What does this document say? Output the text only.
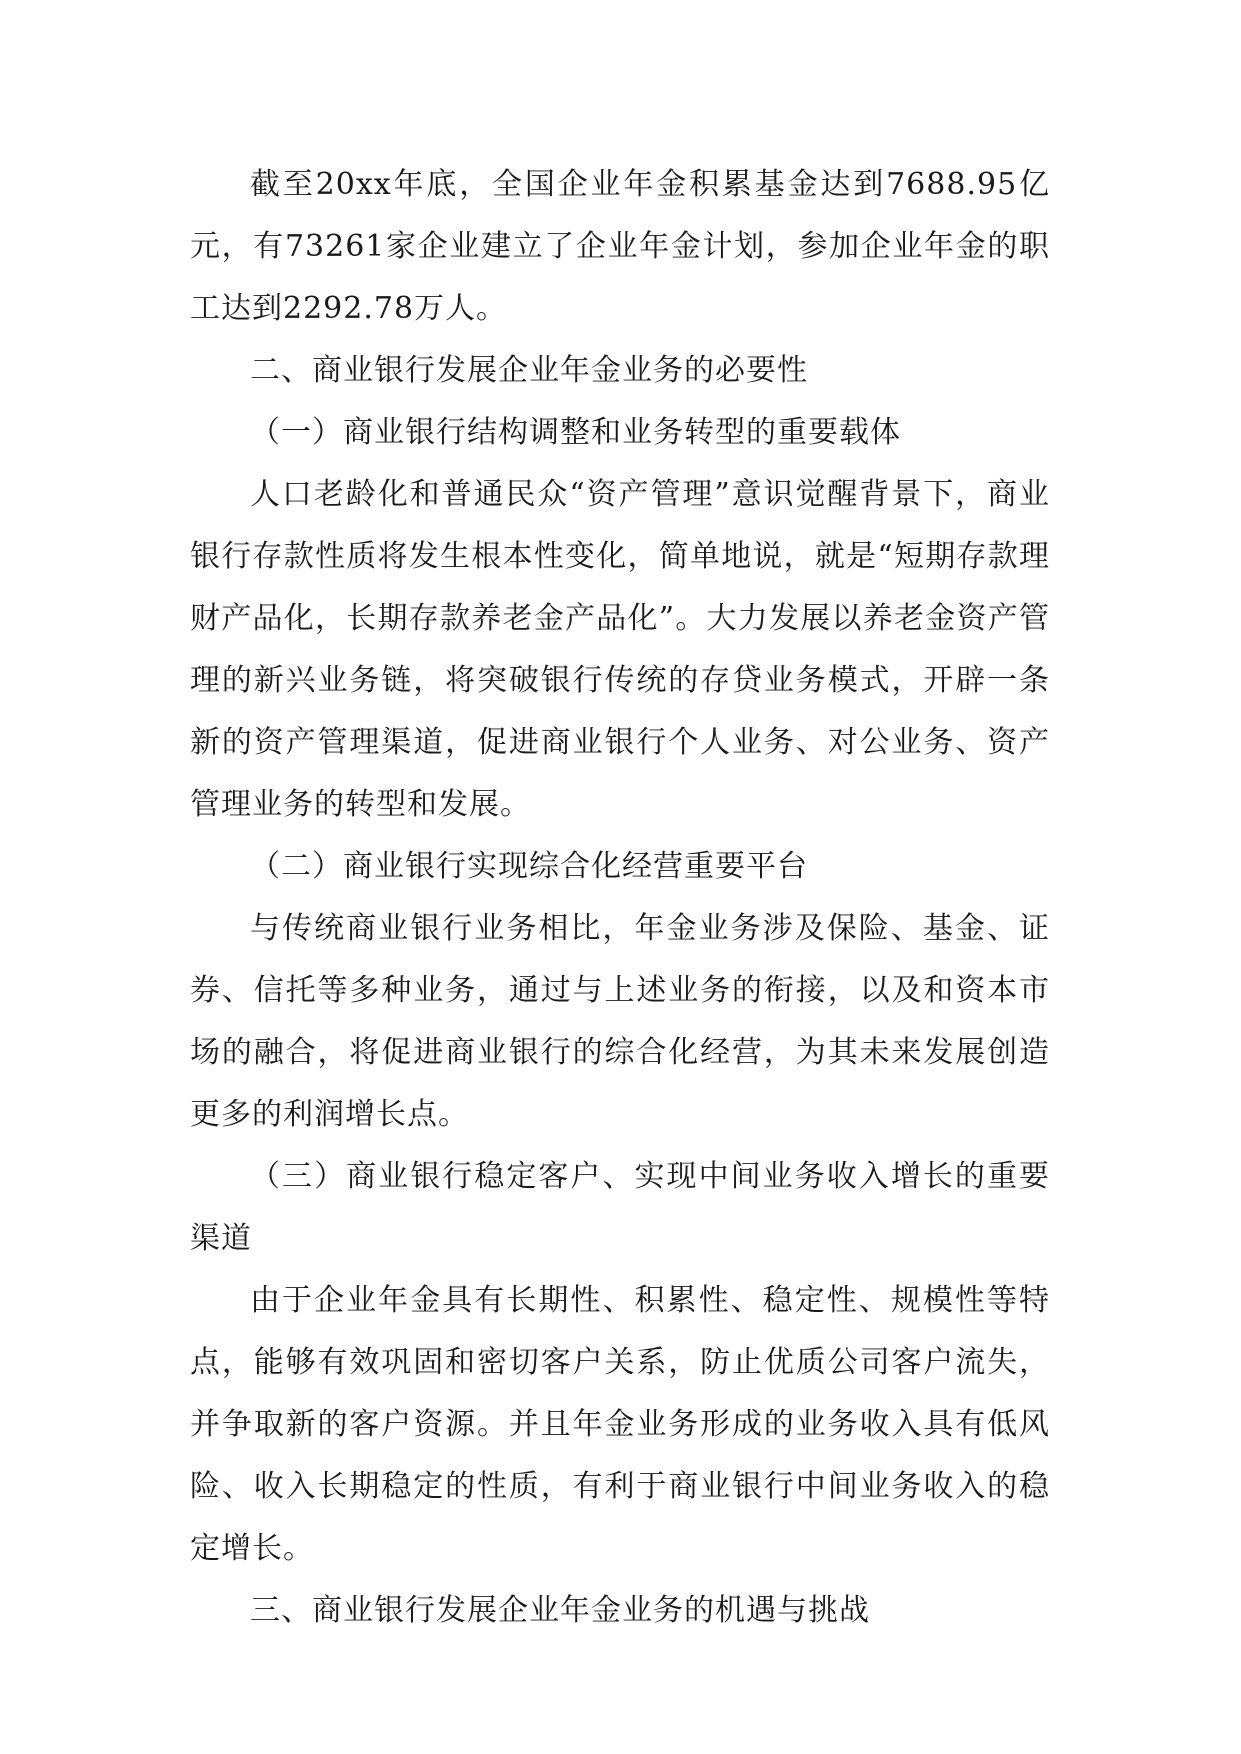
截至20xx年底，全国企业年金积累基金达到7688.95亿元，有73261家企业建立了企业年金计划，参加企业年金的职工达到2292.78万人。

二、商业银行发展企业年金业务的必要性

（一）商业银行结构调整和业务转型的重要载体

人口老龄化和普通民众“资产管理”意识觉醒背景下，商业银行存款性质将发生根本性变化，简单地说，就是“短期存款理财产品化，长期存款养老金产品化”。大力发展以养老金资产管理的新兴业务链，将突破银行传统的存贷业务模式，开辟一条新的资产管理渠道，促进商业银行个人业务、对公业务、资产管理业务的转型和发展。

（二）商业银行实现综合化经营重要平台

与传统商业银行业务相比，年金业务涉及保险、基金、证券、信托等多种业务，通过与上述业务的衔接，以及和资本市场的融合，将促进商业银行的综合化经营，为其未来发展创造更多的利润增长点。

（三）商业银行稳定客户、实现中间业务收入增长的重要渠道

由于企业年金具有长期性、积累性、稳定性、规模性等特点，能够有效巩固和密切客户关系，防止优质公司客户流失，并争取新的客户资源。并且年金业务形成的业务收入具有低风险、收入长期稳定的性质，有利于商业银行中间业务收入的稳定增长。

三、商业银行发展企业年金业务的机遇与挑战
